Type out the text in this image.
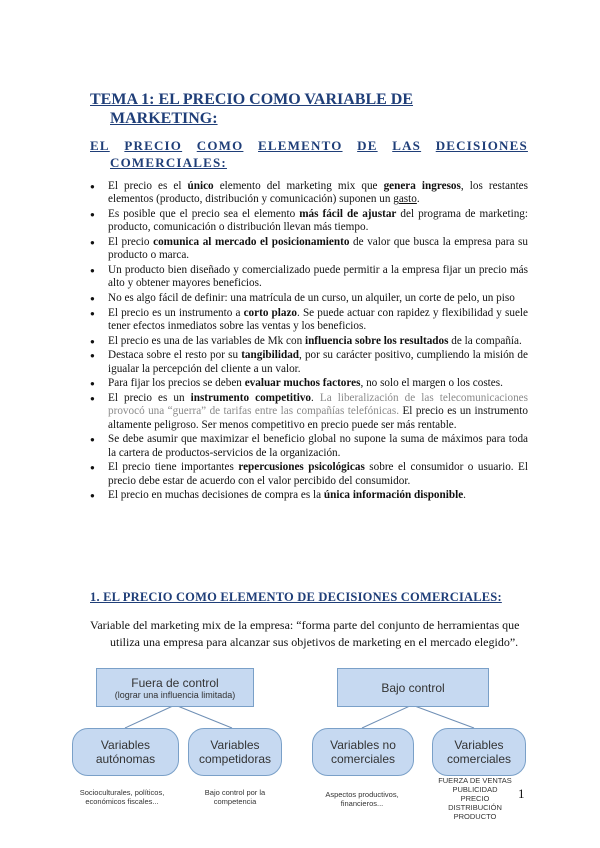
TEMA 1: EL PRECIO COMO VARIABLE DE

MARKETING:
EL PRECIO COMO ELEMENTO DE LAS DECISIONES
COMERCIALES:
● El precio es el único elemento del marketing mix que genera ingresos, los restantes elementos (producto, distribución y comunicación) suponen un gasto.
● Es posible que el precio sea el elemento más fácil de ajustar del programa de marketing: producto, comunicación o distribución llevan más tiempo.
● El precio comunica al mercado el posicionamiento de valor que busca la empresa para su producto o marca.
● Un producto bien diseñado y comercializado puede permitir a la empresa fijar un precio más alto y obtener mayores beneficios.
● No es algo fácil de definir: una matrícula de un curso, un alquiler, un corte de pelo, un piso
● El precio es un instrumento a corto plazo. Se puede actuar con rapidez y flexibilidad y suele tener efectos inmediatos sobre las ventas y los beneficios.
● El precio es una de las variables de Mk con influencia sobre los resultados de la compañía.
● Destaca sobre el resto por su tangibilidad, por su carácter positivo, cumpliendo la misión de igualar la percepción del cliente a un valor.
● Para fijar los precios se deben evaluar muchos factores, no solo el margen o los costes.
● El precio es un instrumento competitivo. La liberalización de las telecomunicaciones provocó una “guerra” de tarifas entre las compañías telefónicas. El precio es un instrumento altamente peligroso. Ser menos competitivo en precio puede ser más rentable.
● Se debe asumir que maximizar el beneficio global no supone la suma de máximos para toda la cartera de productos-servicios de la organización.
● El precio tiene importantes repercusiones psicológicas sobre el consumidor o usuario. El precio debe estar de acuerdo con el valor percibido del consumidor.
● El precio en muchas decisiones de compra es la única información disponible.
1. EL PRECIO COMO ELEMENTO DE DECISIONES COMERCIALES:

Variable del marketing mix de la empresa: “forma parte del conjunto de herramientas que
utiliza una empresa para alcanzar sus objetivos de marketing en el mercado elegido”.

Fuera de control
(lograr una influencia limitada)	Bajo control
Variables autónomas
Variables competidoras
Variables no comerciales
Variables comerciales
Socioculturales, políticos, económicos fiscales...
Bajo control por la competencia
Aspectos productivos, financieros...
FUERZA DE VENTAS
PUBLICIDAD
PRECIO
DISTRIBUCIÓN
PRODUCTO
1
